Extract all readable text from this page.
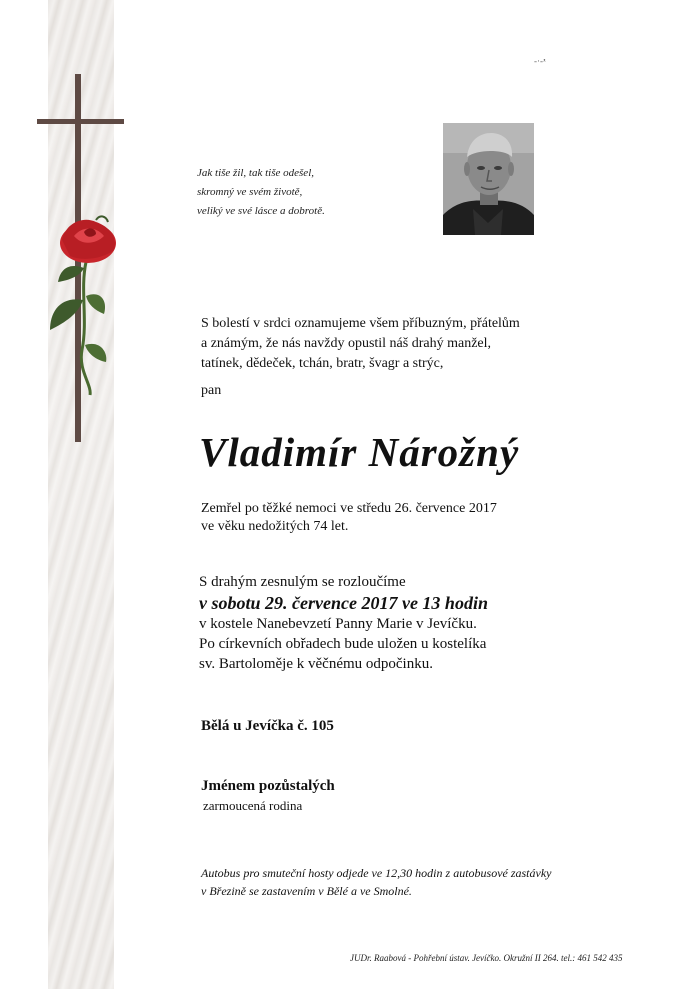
-·-ᵜ
Jak tiše žil, tak tiše odešel,
skromný ve svém životě,
veliký ve své lásce a dobrotě.
S bolestí v srdci oznamujeme všem příbuzným, přátelům
a známým, že nás navždy opustil náš drahý manžel,
tatínek, dědeček, tchán, bratr, švagr a strýc,
pan
Vladimír Nárožný
Zemřel po těžké nemoci ve středu 26. července 2017
ve věku nedožitých 74 let.
S drahým zesnulým se rozloučíme
v sobotu 29. července 2017 ve 13 hodin
v kostele Nanebevzetí Panny Marie v Jevíčku.
Po církevních obřadech bude uložen u kostelíka
sv. Bartoloměje k věčnému odpočinku.
Bělá u Jevíčka č. 105
Jménem pozůstalých
zarmoucená rodina
Autobus pro smuteční hosty odjede ve 12,30 hodin z autobusové zastávky
v Březině se zastavením v Bělé a ve Smolné.
JUDr. Raabová - Pohřební ústav. Jevíčko. Okružní II 264. tel.: 461 542 435
